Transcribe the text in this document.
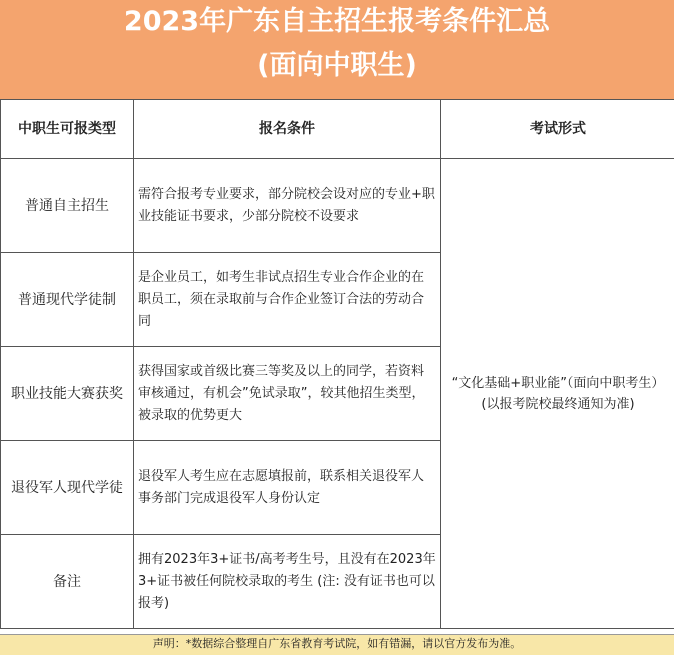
2023年广东自主招生报考条件汇总
(面向中职生)
中职生可报类型	报名条件	考试形式
普通自主招生	需符合报考专业要求，部分院校会设对应的专业+职业技能证书要求，少部分院校不设要求	“文化基础+职业能”（面向中职考生）
(以报考院校最终通知为准)

普通现代学徒制	是企业员工，如考生非试点招生专业合作企业的在职员工，须在录取前与合作企业签订合法的劳动合同	
职业技能大赛获奖	获得国家或首级比赛三等奖及以上的同学，若资料审核通过，有机会”免试录取”，较其他招生类型，被录取的优势更大	
退役军人现代学徒	退役军人考生应在志愿填报前，联系相关退役军人事务部门完成退役军人身份认定	
备注	拥有2023年3+证书/高考考生号，且没有在2023年3+证书被任何院校录取的考生 (注: 没有证书也可以报考)	
声明：*数据综合整理自广东省教育考试院，如有错漏，请以官方发布为准。
